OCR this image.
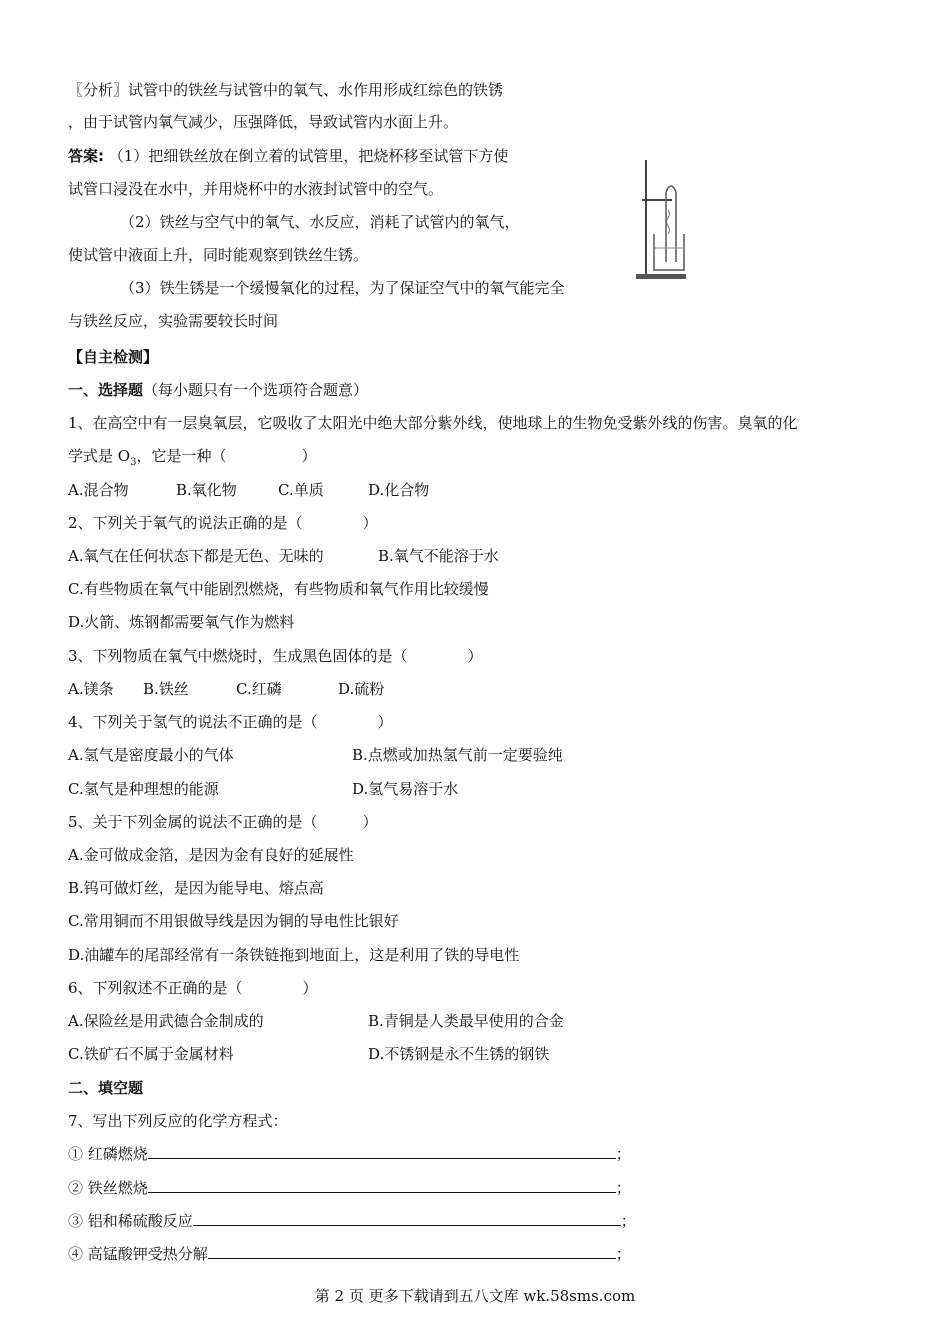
〖分析〗试管中的铁丝与试管中的氧气、水作用形成红综色的铁锈
，由于试管内氧气减少，压强降低，导致试管内水面上升。
答案: （1）把细铁丝放在倒立着的试管里，把烧杯移至试管下方使
试管口浸没在水中，并用烧杯中的水液封试管中的空气。
（2）铁丝与空气中的氧气、水反应，消耗了试管内的氧气，
使试管中液面上升，同时能观察到铁丝生锈。
（3）铁生锈是一个缓慢氧化的过程，为了保证空气中的氧气能完全
与铁丝反应，实验需要较长时间
【自主检测】
一、选择题（每小题只有一个选项符合题意）
1、在高空中有一层臭氧层，它吸收了太阳光中绝大部分紫外线，使地球上的生物免受紫外线的伤害。臭氧的化
学式是 $O_3$，它是一种（　　　　　）
A.混合物	B.氧化物	C.单质	D.化合物
2、下列关于氧气的说法正确的是（　　　　）
A.氧气在任何状态下都是无色、无味的	B.氧气不能溶于水
C.有些物质在氧气中能剧烈燃烧，有些物质和氧气作用比较缓慢
D.火箭、炼钢都需要氧气作为燃料
3、下列物质在氧气中燃烧时，生成黑色固体的是（　　　　）
A.镁条 B.铁丝	C.红磷	D.硫粉
4、下列关于氢气的说法不正确的是（　　　　）
A.氢气是密度最小的气体	B.点燃或加热氢气前一定要验纯
C.氢气是种理想的能源	D.氢气易溶于水
5、关于下列金属的说法不正确的是（　　　）
A.金可做成金箔，是因为金有良好的延展性
B.钨可做灯丝，是因为能导电、熔点高
C.常用铜而不用银做导线是因为铜的导电性比银好
D.油罐车的尾部经常有一条铁链拖到地面上，这是利用了铁的导电性
6、下列叙述不正确的是（　　　　）
A.保险丝是用武德合金制成的	B.青铜是人类最早使用的合金
C.铁矿石不属于金属材料	D.不锈钢是永不生锈的钢铁
二、填空题
7、写出下列反应的化学方程式：
① 红磷燃烧	；
② 铁丝燃烧	；
③ 铝和稀硫酸反应	；
④ 高锰酸钾受热分解	；
第 2 页 更多下载请到五八文库 wk.58sms.com
